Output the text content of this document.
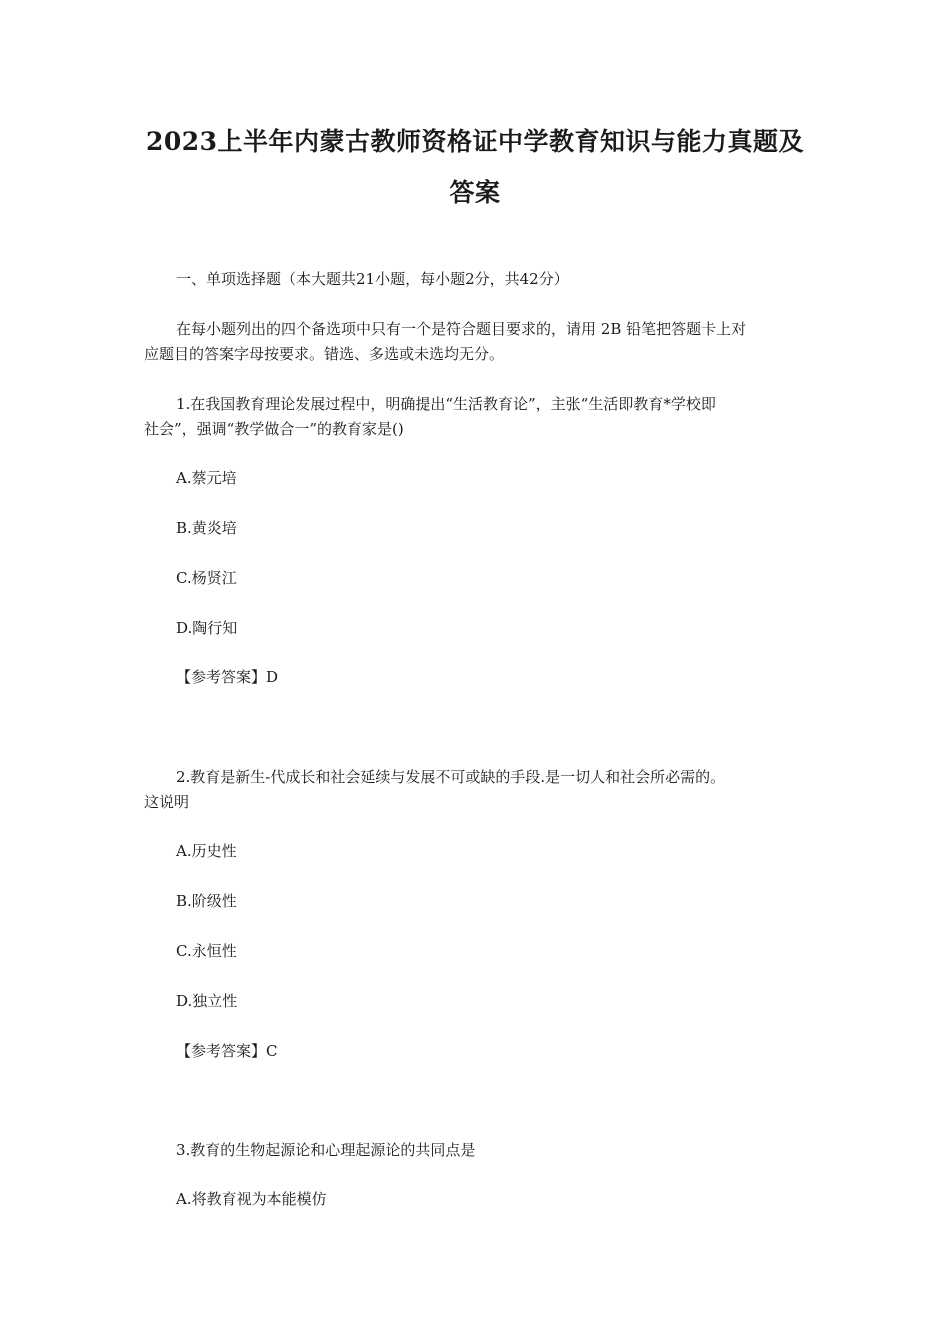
2023上半年内蒙古教师资格证中学教育知识与能力真题及
答案
一、单项选择题（本大题共21小题，每小题2分，共42分）
在每小题列出的四个备选项中只有一个是符合题目要求的，请用 2B 铅笔把答题卡上对
应题目的答案字母按要求。错选、多选或未选均无分。
1.在我国教育理论发展过程中，明确提出“生活教育论”，主张“生活即教育*学校即
社会”，强调“教学做合一”的教育家是()
A.蔡元培
B.黄炎培
C.杨贤江
D.陶行知
【参考答案】D
2.教育是新生-代成长和社会延续与发展不可或缺的手段.是一切人和社会所必需的。
这说明
A.历史性
B.阶级性
C.永恒性
D.独立性
【参考答案】C
3.教育的生物起源论和心理起源论的共同点是
A.将教育视为本能模仿
